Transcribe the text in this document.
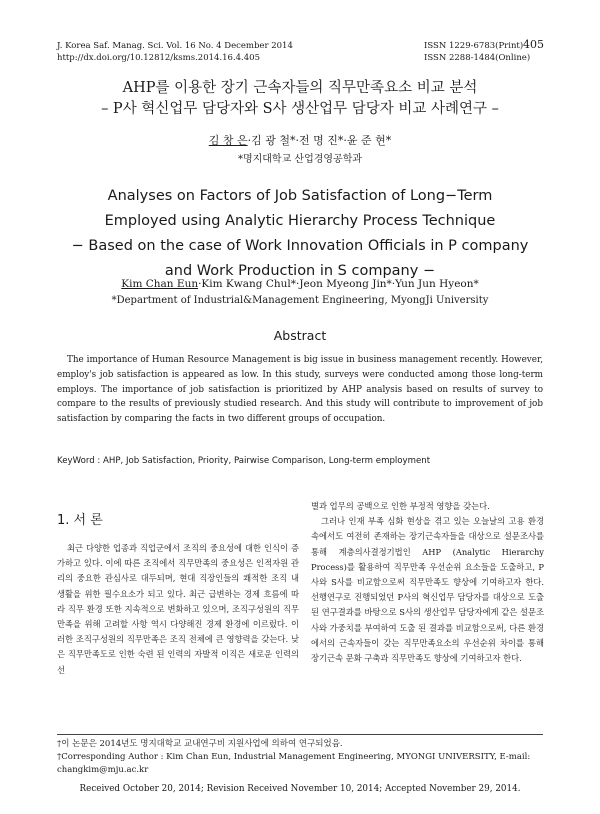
J. Korea Saf. Manag. Sci. Vol. 16 No. 4 December 2014
http://dx.doi.org/10.12812/ksms.2014.16.4.405
ISSN 1229-6783(Print)
ISSN 2288-1484(Online)
405
AHP를 이용한 장기 근속자들의 직무만족요소 비교 분석
– P사 혁신업무 담당자와 S사 생산업무 담당자 비교 사례연구 –
김 창 은·김 광 철*·전 명 진*·윤 준 현*
*명지대학교 산업경영공학과
Analyses on Factors of Job Satisfaction of Long−Term
Employed using Analytic Hierarchy Process Technique
− Based on the case of Work Innovation Officials in P company
and Work Production in S company −
Kim Chan Eun·Kim Kwang Chul*·Jeon Myeong Jin*·Yun Jun Hyeon*
*Department of Industrial&Management Engineering, MyongJi University
Abstract
The importance of Human Resource Management is big issue in business management recently. However, employ's job satisfaction is appeared as low. In this study, surveys were conducted among those long-term employs. The importance of job satisfaction is prioritized by AHP analysis based on results of survey to compare to the results of previously studied research. And this study will contribute to improvement of job satisfaction by comparing the facts in two different groups of occupation.
KeyWord : AHP, Job Satisfaction, Priority, Pairwise Comparison, Long-term employment
1. 서 론

최근 다양한 업종과 직업군에서 조직의 중요성에 대한 인식이 증가하고 있다. 이에 따른 조직에서 직무만족의 중요성은 인적자원 관리의 중요한 관심사로 대두되며, 현대 직장인들의 쾌적한 조직 내 생활을 위한 필수요소가 되고 있다. 최근 급변하는 경제 흐름에 따라 직무 환경 또한 지속적으로 변화하고 있으며, 조직구성원의 직무만족을 위해 고려할 사항 역시 다양해진 경제 환경에 이르렀다. 이러한 조직구성원의 직무만족은 조직 전체에 큰 영향력을 갖는다. 낮은 직무만족도로 인한 숙련 된 인력의 자발적 이직은 새로운 인력의 선

별과 업무의 공백으로 인한 부정적 영향을 갖는다.

그러나 인재 부족 심화 현상을 겪고 있는 오늘날의 고용 환경 속에서도 여전히 존재하는 장기근속자들을 대상으로 설문조사를 통해 계층의사결정기법인 AHP (Analytic Hierarchy Process)를 활용하여 직무만족 우선순위 요소들을 도출하고, P사와 S사를 비교함으로써 직무만족도 향상에 기여하고자 한다. 선행연구로 진행되었던 P사의 혁신업무 담당자를 대상으로 도출 된 연구결과를 바탕으로 S사의 생산업무 담당자에게 같은 설문조사와 가중치를 부여하여 도출 된 결과를 비교함으로써, 다른 환경에서의 근속자들이 갖는 직무만족요소의 우선순위 차이를 통해 장기근속 문화 구축과 직무만족도 향상에 기여하고자 한다.

†이 논문은 2014년도 명지대학교 교내연구비 지원사업에 의하여 연구되었음.
†Corresponding Author : Kim Chan Eun, Industrial Management Engineering, MYONGI UNIVERSITY, E-mail: changkim@mju.ac.kr
Received October 20, 2014; Revision Received November 10, 2014; Accepted November 29, 2014.
